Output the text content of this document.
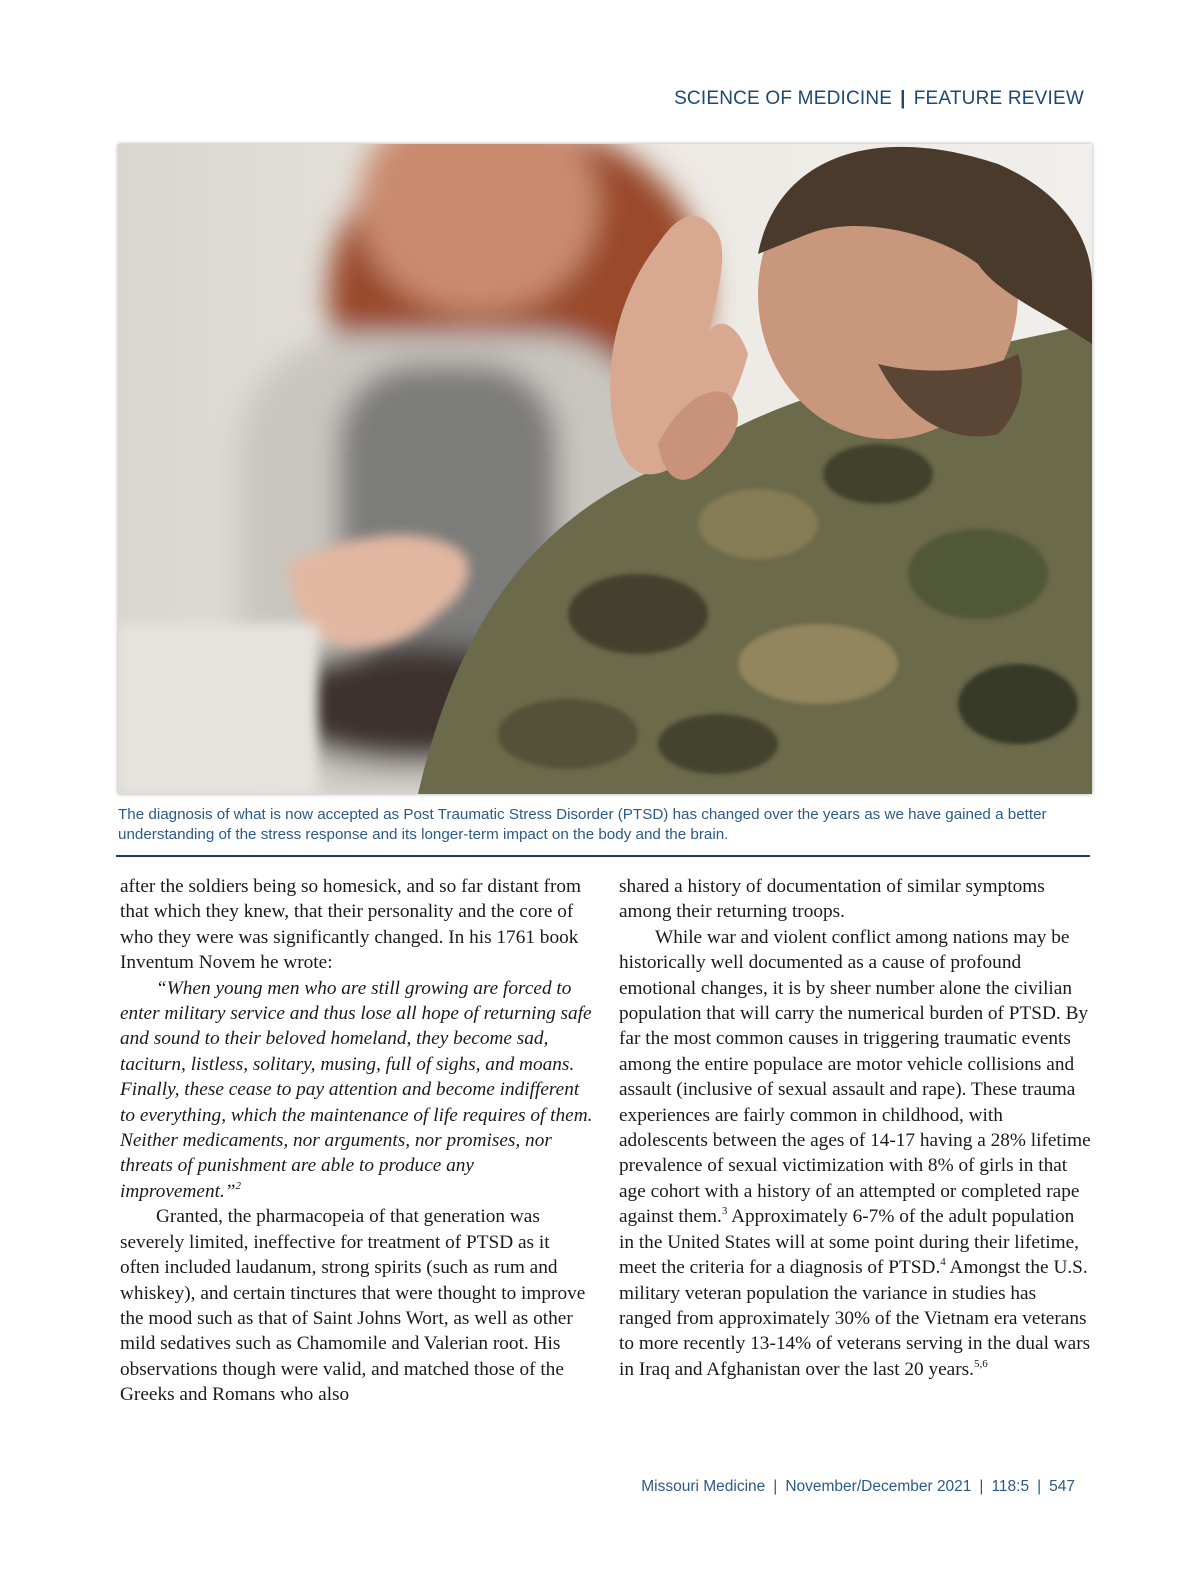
SCIENCE OF MEDICINE | FEATURE REVIEW
The diagnosis of what is now accepted as Post Traumatic Stress Disorder (PTSD) has changed over the years as we have gained a better understanding of the stress response and its longer-term impact on the body and the brain.

after the soldiers being so homesick, and so far distant from that which they knew, that their personality and the core of who they were was significantly changed. In his 1761 book Inventum Novem he wrote:

“When young men who are still growing are forced to enter military service and thus lose all hope of returning safe and sound to their beloved homeland, they become sad, taciturn, listless, solitary, musing, full of sighs, and moans. Finally, these cease to pay attention and become indifferent to everything, which the maintenance of life requires of them. Neither medicaments, nor arguments, nor promises, nor threats of punishment are able to produce any improvement.”$^2$

Granted, the pharmacopeia of that generation was severely limited, ineffective for treatment of PTSD as it often included laudanum, strong spirits (such as rum and whiskey), and certain tinctures that were thought to improve the mood such as that of Saint Johns Wort, as well as other mild sedatives such as Chamomile and Valerian root. His observations though were valid, and matched those of the Greeks and Romans who also

shared a history of documentation of similar symptoms among their returning troops.

While war and violent conflict among nations may be historically well documented as a cause of profound emotional changes, it is by sheer number alone the civilian population that will carry the numerical burden of PTSD. By far the most common causes in triggering traumatic events among the entire populace are motor vehicle collisions and assault (inclusive of sexual assault and rape). These trauma experiences are fairly common in childhood, with adolescents between the ages of 14-17 having a 28% lifetime prevalence of sexual victimization with 8% of girls in that age cohort with a history of an attempted or completed rape against them.$^3$ Approximately 6-7% of the adult population in the United States will at some point during their lifetime, meet the criteria for a diagnosis of PTSD.$^4$ Amongst the U.S. military veteran population the variance in studies has ranged from approximately 30% of the Vietnam era veterans to more recently 13-14% of veterans serving in the dual wars in Iraq and Afghanistan over the last 20 years.$^{5,6}$

Missouri Medicine | November/December 2021 | 118:5 | 547
